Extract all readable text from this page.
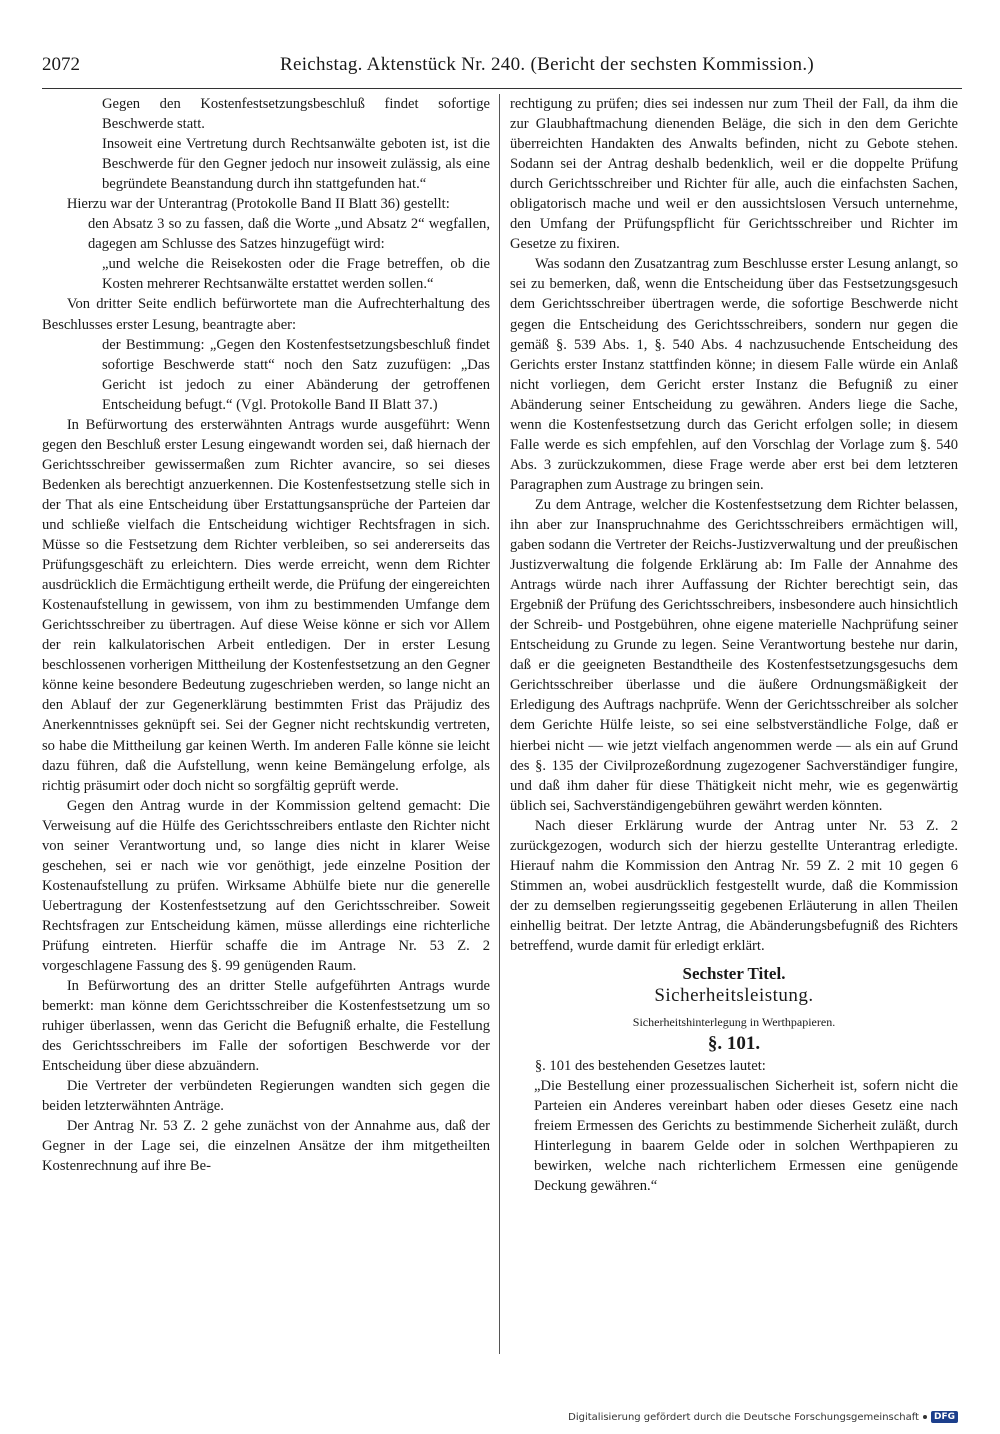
2072	Reichstag. Aktenstück Nr. 240. (Bericht der sechsten Kommission.)

Gegen den Kostenfestsetzungsbeschluß findet sofortige Beschwerde statt.

Insoweit eine Vertretung durch Rechtsanwälte geboten ist, ist die Beschwerde für den Gegner jedoch nur insoweit zulässig, als eine begründete Beanstandung durch ihn stattgefunden hat.“

Hierzu war der Unterantrag (Protokolle Band II Blatt 36) gestellt:

den Absatz 3 so zu fassen, daß die Worte „und Absatz 2“ wegfallen, dagegen am Schlusse des Satzes hinzugefügt wird:

„und welche die Reisekosten oder die Frage betreffen, ob die Kosten mehrerer Rechtsanwälte erstattet werden sollen.“

Von dritter Seite endlich befürwortete man die Aufrechterhaltung des Beschlusses erster Lesung, beantragte aber:

der Bestimmung: „Gegen den Kostenfestsetzungsbeschluß findet sofortige Beschwerde statt“ noch den Satz zuzufügen: „Das Gericht ist jedoch zu einer Abänderung der getroffenen Entscheidung befugt.“ (Vgl. Protokolle Band II Blatt 37.)

In Befürwortung des ersterwähnten Antrags wurde ausgeführt: Wenn gegen den Beschluß erster Lesung eingewandt worden sei, daß hiernach der Gerichtsschreiber gewissermaßen zum Richter avancire, so sei dieses Bedenken als berechtigt anzuerkennen. Die Kostenfestsetzung stelle sich in der That als eine Entscheidung über Erstattungsansprüche der Parteien dar und schließe vielfach die Entscheidung wichtiger Rechtsfragen in sich. Müsse so die Festsetzung dem Richter verbleiben, so sei andererseits das Prüfungsgeschäft zu erleichtern. Dies werde erreicht, wenn dem Richter ausdrücklich die Ermächtigung ertheilt werde, die Prüfung der eingereichten Kostenaufstellung in gewissem, von ihm zu bestimmenden Umfange dem Gerichtsschreiber zu übertragen. Auf diese Weise könne er sich vor Allem der rein kalkulatorischen Arbeit entledigen. Der in erster Lesung beschlossenen vorherigen Mittheilung der Kostenfestsetzung an den Gegner könne keine besondere Bedeutung zugeschrieben werden, so lange nicht an den Ablauf der zur Gegenerklärung bestimmten Frist das Präjudiz des Anerkenntnisses geknüpft sei. Sei der Gegner nicht rechtskundig vertreten, so habe die Mittheilung gar keinen Werth. Im anderen Falle könne sie leicht dazu führen, daß die Aufstellung, wenn keine Bemängelung erfolge, als richtig präsumirt oder doch nicht so sorgfältig geprüft werde.

Gegen den Antrag wurde in der Kommission geltend gemacht: Die Verweisung auf die Hülfe des Gerichtsschreibers entlaste den Richter nicht von seiner Verantwortung und, so lange dies nicht in klarer Weise geschehen, sei er nach wie vor genöthigt, jede einzelne Position der Kostenaufstellung zu prüfen. Wirksame Abhülfe biete nur die generelle Uebertragung der Kostenfestsetzung auf den Gerichtsschreiber. Soweit Rechtsfragen zur Entscheidung kämen, müsse allerdings eine richterliche Prüfung eintreten. Hierfür schaffe die im Antrage Nr. 53 Z. 2 vorgeschlagene Fassung des §. 99 genügenden Raum.

In Befürwortung des an dritter Stelle aufgeführten Antrags wurde bemerkt: man könne dem Gerichtsschreiber die Kostenfestsetzung um so ruhiger überlassen, wenn das Gericht die Befugniß erhalte, die Festellung des Gerichtsschreibers im Falle der sofortigen Beschwerde vor der Entscheidung über diese abzuändern.

Die Vertreter der verbündeten Regierungen wandten sich gegen die beiden letzterwähnten Anträge.

Der Antrag Nr. 53 Z. 2 gehe zunächst von der Annahme aus, daß der Gegner in der Lage sei, die einzelnen Ansätze der ihm mitgetheilten Kostenrechnung auf ihre Be-

rechtigung zu prüfen; dies sei indessen nur zum Theil der Fall, da ihm die zur Glaubhaftmachung dienenden Beläge, die sich in den dem Gerichte überreichten Handakten des Anwalts befinden, nicht zu Gebote stehen. Sodann sei der Antrag deshalb bedenklich, weil er die doppelte Prüfung durch Gerichtsschreiber und Richter für alle, auch die einfachsten Sachen, obligatorisch mache und weil er den aussichtslosen Versuch unternehme, den Umfang der Prüfungspflicht für Gerichtsschreiber und Richter im Gesetze zu fixiren.

Was sodann den Zusatzantrag zum Beschlusse erster Lesung anlangt, so sei zu bemerken, daß, wenn die Entscheidung über das Festsetzungsgesuch dem Gerichtsschreiber übertragen werde, die sofortige Beschwerde nicht gegen die Entscheidung des Gerichtsschreibers, sondern nur gegen die gemäß §. 539 Abs. 1, §. 540 Abs. 4 nachzusuchende Entscheidung des Gerichts erster Instanz stattfinden könne; in diesem Falle würde ein Anlaß nicht vorliegen, dem Gericht erster Instanz die Befugniß zu einer Abänderung seiner Entscheidung zu gewähren. Anders liege die Sache, wenn die Kostenfestsetzung durch das Gericht erfolgen solle; in diesem Falle werde es sich empfehlen, auf den Vorschlag der Vorlage zum §. 540 Abs. 3 zurückzukommen, diese Frage werde aber erst bei dem letzteren Paragraphen zum Austrage zu bringen sein.

Zu dem Antrage, welcher die Kostenfestsetzung dem Richter belassen, ihn aber zur Inanspruchnahme des Gerichtsschreibers ermächtigen will, gaben sodann die Vertreter der Reichs-Justizverwaltung und der preußischen Justizverwaltung die folgende Erklärung ab: Im Falle der Annahme des Antrags würde nach ihrer Auffassung der Richter berechtigt sein, das Ergebniß der Prüfung des Gerichtsschreibers, insbesondere auch hinsichtlich der Schreib- und Postgebühren, ohne eigene materielle Nachprüfung seiner Entscheidung zu Grunde zu legen. Seine Verantwortung bestehe nur darin, daß er die geeigneten Bestandtheile des Kostenfestsetzungsgesuchs dem Gerichtsschreiber überlasse und die äußere Ordnungsmäßigkeit der Erledigung des Auftrags nachprüfe. Wenn der Gerichtsschreiber als solcher dem Gerichte Hülfe leiste, so sei eine selbstverständliche Folge, daß er hierbei nicht — wie jetzt vielfach angenommen werde — als ein auf Grund des §. 135 der Civilprozeßordnung zugezogener Sachverständiger fungire, und daß ihm daher für diese Thätigkeit nicht mehr, wie es gegenwärtig üblich sei, Sachverständigengebühren gewährt werden könnten.

Nach dieser Erklärung wurde der Antrag unter Nr. 53 Z. 2 zurückgezogen, wodurch sich der hierzu gestellte Unterantrag erledigte. Hierauf nahm die Kommission den Antrag Nr. 59 Z. 2 mit 10 gegen 6 Stimmen an, wobei ausdrücklich festgestellt wurde, daß die Kommission der zu demselben regierungsseitig gegebenen Erläuterung in allen Theilen einhellig beitrat. Der letzte Antrag, die Abänderungsbefugniß des Richters betreffend, wurde damit für erledigt erklärt.

Sechster Titel.
Sicherheitsleistung.
Sicherheitshinterlegung in Werthpapieren.
§. 101.

§. 101 des bestehenden Gesetzes lautet:

„Die Bestellung einer prozessualischen Sicherheit ist, sofern nicht die Parteien ein Anderes vereinbart haben oder dieses Gesetz eine nach freiem Ermessen des Gerichts zu bestimmende Sicherheit zuläßt, durch Hinterlegung in baarem Gelde oder in solchen Werthpapieren zu bewirken, welche nach richterlichem Ermessen eine genügende Deckung gewähren.“

Digitalisierung gefördert durch die Deutsche Forschungsgemeinschaft	DFG
